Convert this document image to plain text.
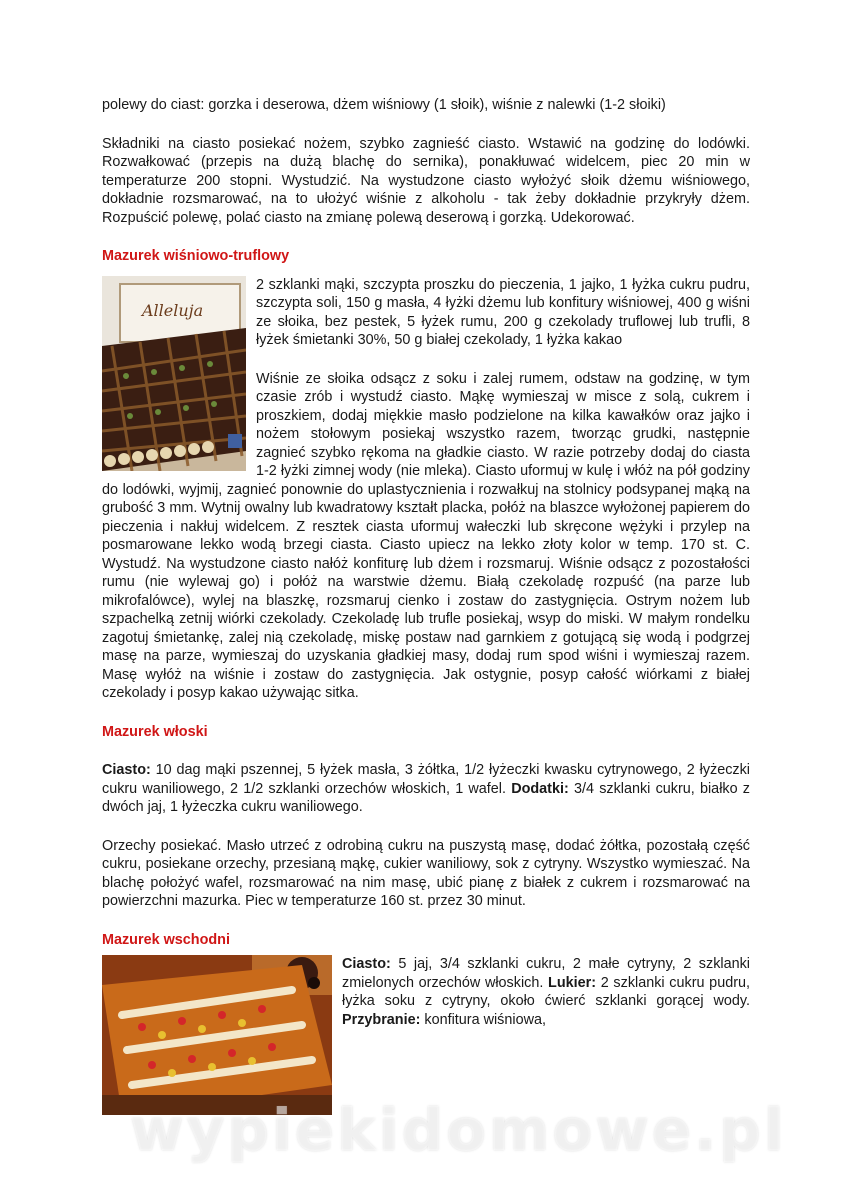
polewy do ciast: gorzka i deserowa, dżem wiśniowy (1 słoik), wiśnie z nalewki (1-2 słoiki)

Składniki na ciasto posiekać nożem, szybko zagnieść ciasto. Wstawić na godzinę do lodówki. Rozwałkować (przepis na dużą blachę do sernika), ponakłuwać widelcem, piec 20 min w temperaturze 200 stopni. Wystudzić. Na wystudzone ciasto wyłożyć słoik dżemu wiśniowego, dokładnie rozsmarować, na to ułożyć wiśnie z alkoholu - tak żeby dokładnie przykryły dżem. Rozpuścić polewę, polać ciasto na zmianę polewą deserową i gorzką. Udekorować.

Mazurek wiśniowo-truflowy
Alleluja

2 szklanki mąki, szczypta proszku do pieczenia, 1 jajko, 1 łyżka cukru pudru, szczypta soli, 150 g masła, 4 łyżki dżemu lub konfitury wiśniowej, 400 g wiśni ze słoika, bez pestek, 5 łyżek rumu, 200 g czekolady truflowej lub trufli, 8 łyżek śmietanki 30%, 50 g białej czekolady, 1 łyżka kakao

Wiśnie ze słoika odsącz z soku i zalej rumem, odstaw na godzinę, w tym czasie zrób i wystudź ciasto. Mąkę wymieszaj w misce z solą, cukrem i proszkiem, dodaj miękkie masło podzielone na kilka kawałków oraz jajko i nożem stołowym posiekaj wszystko razem, tworząc grudki, następnie zagnieć szybko rękoma na gładkie ciasto. W razie potrzeby dodaj do ciasta 1-2 łyżki zimnej wody (nie mleka). Ciasto uformuj w kulę i włóż na pół godziny do lodówki, wyjmij, zagnieć ponownie do uplastycznienia i rozwałkuj na stolnicy podsypanej mąką na grubość 3 mm. Wytnij owalny lub kwadratowy kształt placka, połóż na blaszce wyłożonej papierem do pieczenia i nakłuj widelcem. Z resztek ciasta uformuj wałeczki lub skręcone wężyki i przylep na posmarowane lekko wodą brzegi ciasta. Ciasto upiecz na lekko złoty kolor w temp. 170 st. C. Wystudź. Na wystudzone ciasto nałóż konfiturę lub dżem i rozsmaruj. Wiśnie odsącz z pozostałości rumu (nie wylewaj go) i połóż na warstwie dżemu. Białą czekoladę rozpuść (na parze lub mikrofalówce), wylej na blaszkę, rozsmaruj cienko i zostaw do zastygnięcia. Ostrym nożem lub szpachelką zetnij wiórki czekolady. Czekoladę lub trufle posiekaj, wsyp do miski. W małym rondelku zagotuj śmietankę, zalej nią czekoladę, miskę postaw nad garnkiem z gotującą się wodą i podgrzej masę na parze, wymieszaj do uzyskania gładkiej masy, dodaj rum spod wiśni i wymieszaj razem. Masę wyłóż na wiśnie i zostaw do zastygnięcia. Jak ostygnie, posyp całość wiórkami z białej czekolady i posyp kakao używając sitka.

Mazurek włoski

Ciasto: 10 dag mąki pszennej, 5 łyżek masła, 3 żółtka, 1/2 łyżeczki kwasku cytrynowego, 2 łyżeczki cukru waniliowego, 2 1/2 szklanki orzechów włoskich, 1 wafel. Dodatki: 3/4 szklanki cukru, białko z dwóch jaj, 1 łyżeczka cukru waniliowego.

Orzechy posiekać. Masło utrzeć z odrobiną cukru na puszystą masę, dodać żółtka, pozostałą część cukru, posiekane orzechy, przesianą mąkę, cukier waniliowy, sok z cytryny. Wszystko wymieszać. Na blachę położyć wafel, rozsmarować na nim masę, ubić pianę z białek z cukrem i rozsmarować na powierzchni mazurka. Piec w temperaturze 160 st. przez 30 minut.

Mazurek wschodni

Ciasto: 5 jaj, 3/4 szklanki cukru, 2 małe cytryny, 2 szklanki zmielonych orzechów włoskich. Lukier: 2 szklanki cukru pudru, łyżka soku z cytryny, około ćwierć szklanki gorącej wody. Przybranie: konfitura wiśniowa,

wypiekidomowe.pl
